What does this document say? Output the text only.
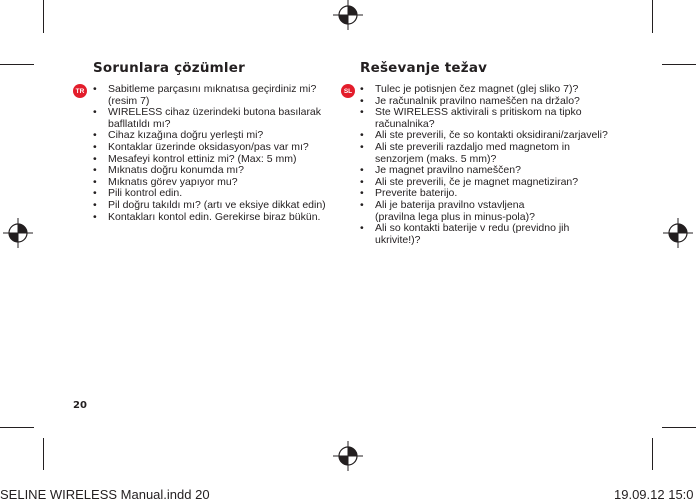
Sorunlara çözümler
TR • Sabitleme parçasını mıknatısa geçirdiniz mi?
(resim 7)
• WIRELESS cihaz üzerindeki butona basılarak
bafllatıldı mı?
• Cihaz kızağına doğru yerleşti mi?
• Kontaklar üzerinde oksidasyon/pas var mı?
• Mesafeyi kontrol ettiniz mi? (Max: 5 mm)
• Mıknatıs doğru konumda mı?
• Mıknatıs görev yapıyor mu?
• Pili kontrol edin.
• Pil doğru takıldı mı? (artı ve eksiye dikkat edin)
• Kontakları kontol edin. Gerekirse biraz bükün.
Reševanje težav
SL • Tulec je potisnjen čez magnet (glej sliko 7)?
• Je računalnik pravilno nameščen na držalo?
• Ste WIRELESS aktivirali s pritiskom na tipko
računalnika?
• Ali ste preverili, če so kontakti oksidirani/zarjaveli?
• Ali ste preverili razdaljo med magnetom in
senzorjem (maks. 5 mm)?
• Je magnet pravilno nameščen?
• Ali ste preverili, če je magnet magnetiziran?
• Preverite baterijo.
• Ali je baterija pravilno vstavljena
(pravilna lega plus in minus-pola)?
• Ali so kontakti baterije v redu (previdno jih
ukrivite!)?
20
SELINE WIRELESS Manual.indd 20	19.09.12 15:0
